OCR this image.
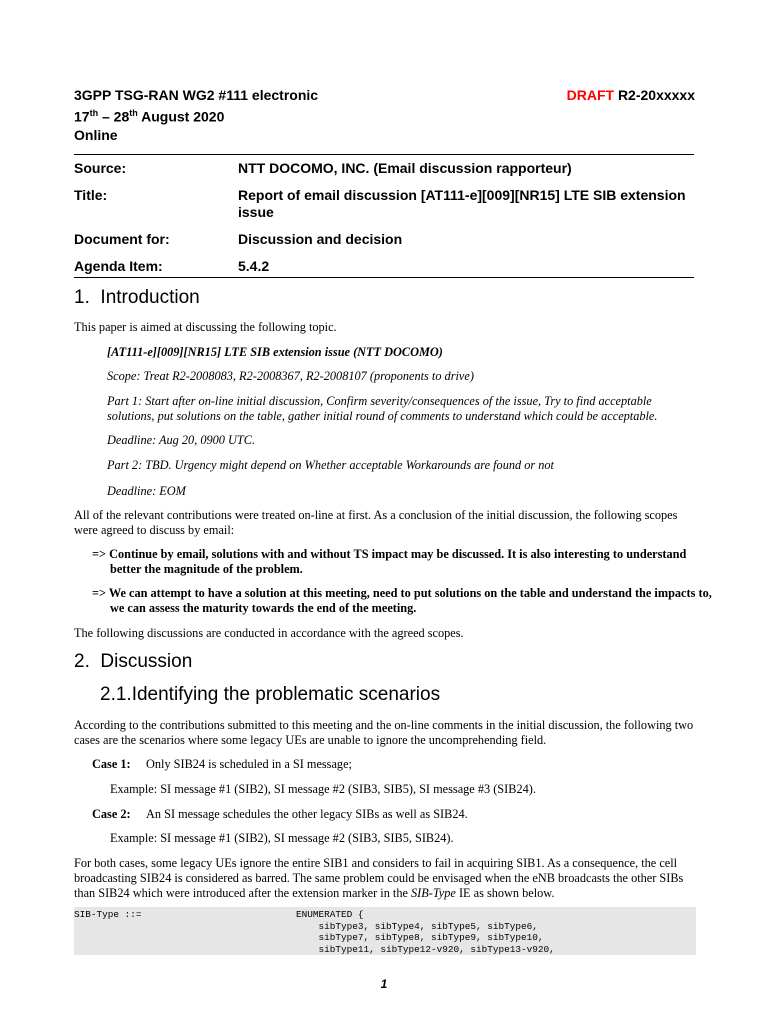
3GPP TSG-RAN WG2 #111 electronic
17th – 28th August 2020
Online
DRAFT R2-20xxxxx
Source:	NTT DOCOMO, INC. (Email discussion rapporteur)
Title:	Report of email discussion [AT111-e][009][NR15] LTE SIB extension issue
Document for:	Discussion and decision
Agenda Item:	5.4.2
1. Introduction
This paper is aimed at discussing the following topic.
[AT111-e][009][NR15] LTE SIB extension issue (NTT DOCOMO)
Scope: Treat R2-2008083, R2-2008367, R2-2008107 (proponents to drive)
Part 1: Start after on-line initial discussion, Confirm severity/consequences of the issue, Try to find acceptable solutions, put solutions on the table, gather initial round of comments to understand which could be acceptable.
Deadline: Aug 20, 0900 UTC.
Part 2: TBD. Urgency might depend on Whether acceptable Workarounds are found or not
Deadline: EOM
All of the relevant contributions were treated on-line at first. As a conclusion of the initial discussion, the following scopes were agreed to discuss by email:
=> Continue by email, solutions with and without TS impact may be discussed. It is also interesting to understand better the magnitude of the problem.
=> We can attempt to have a solution at this meeting, need to put solutions on the table and understand the impacts to, we can assess the maturity towards the end of the meeting.
The following discussions are conducted in accordance with the agreed scopes.
2. Discussion
2.1.Identifying the problematic scenarios
According to the contributions submitted to this meeting and the on-line comments in the initial discussion, the following two cases are the scenarios where some legacy UEs are unable to ignore the uncomprehending field.
Case 1: Only SIB24 is scheduled in a SI message;
Example: SI message #1 (SIB2), SI message #2 (SIB3, SIB5), SI message #3 (SIB24).
Case 2: An SI message schedules the other legacy SIBs as well as SIB24.
Example: SI message #1 (SIB2), SI message #2 (SIB3, SIB5, SIB24).
For both cases, some legacy UEs ignore the entire SIB1 and considers to fail in acquiring SIB1. As a consequence, the cell broadcasting SIB24 is considered as barred. The same problem could be envisaged when the eNB broadcasts the other SIBs than SIB24 which were introduced after the extension marker in the SIB-Type IE as shown below.

SIB-Type ::=

	ENUMERATED {

sibType3, sibType4, sibType5, sibType6,

sibType7, sibType8, sibType9, sibType10,

sibType11, sibType12-v920, sibType13-v920,

1
